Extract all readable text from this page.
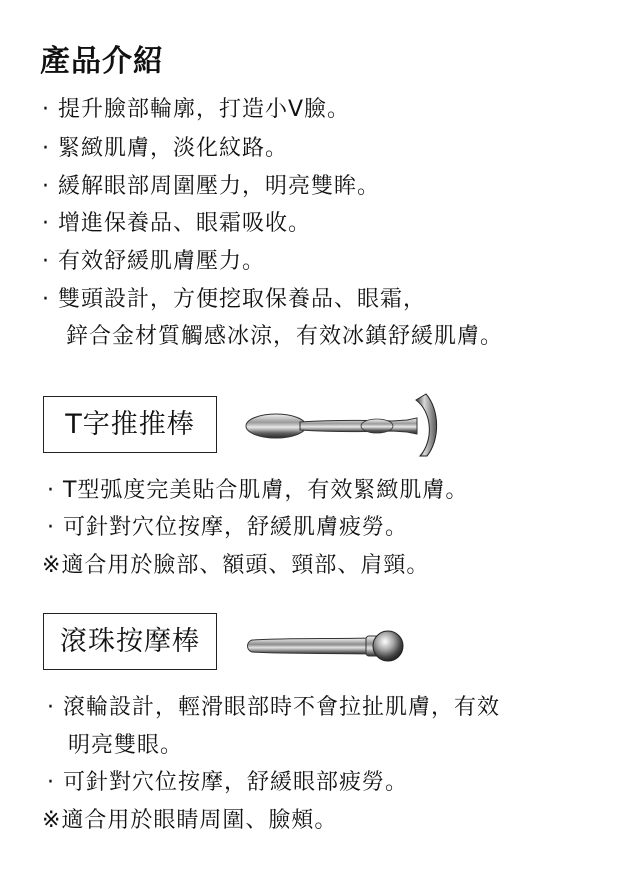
產品介紹
· 提升臉部輪廓，打造小V臉。
· 緊緻肌膚，淡化紋路。
· 緩解眼部周圍壓力，明亮雙眸。
· 增進保養品、眼霜吸收。
· 有效舒緩肌膚壓力。
· 雙頭設計，方便挖取保養品、眼霜，
鋅合金材質觸感冰涼，有效冰鎮舒緩肌膚。
T字推推棒
· T型弧度完美貼合肌膚，有效緊緻肌膚。
· 可針對穴位按摩，舒緩肌膚疲勞。
※適合用於臉部、額頭、頸部、肩頸。
滾珠按摩棒
· 滾輪設計，輕滑眼部時不會拉扯肌膚，有效
明亮雙眼。
· 可針對穴位按摩，舒緩眼部疲勞。
※適合用於眼睛周圍、臉頰。
